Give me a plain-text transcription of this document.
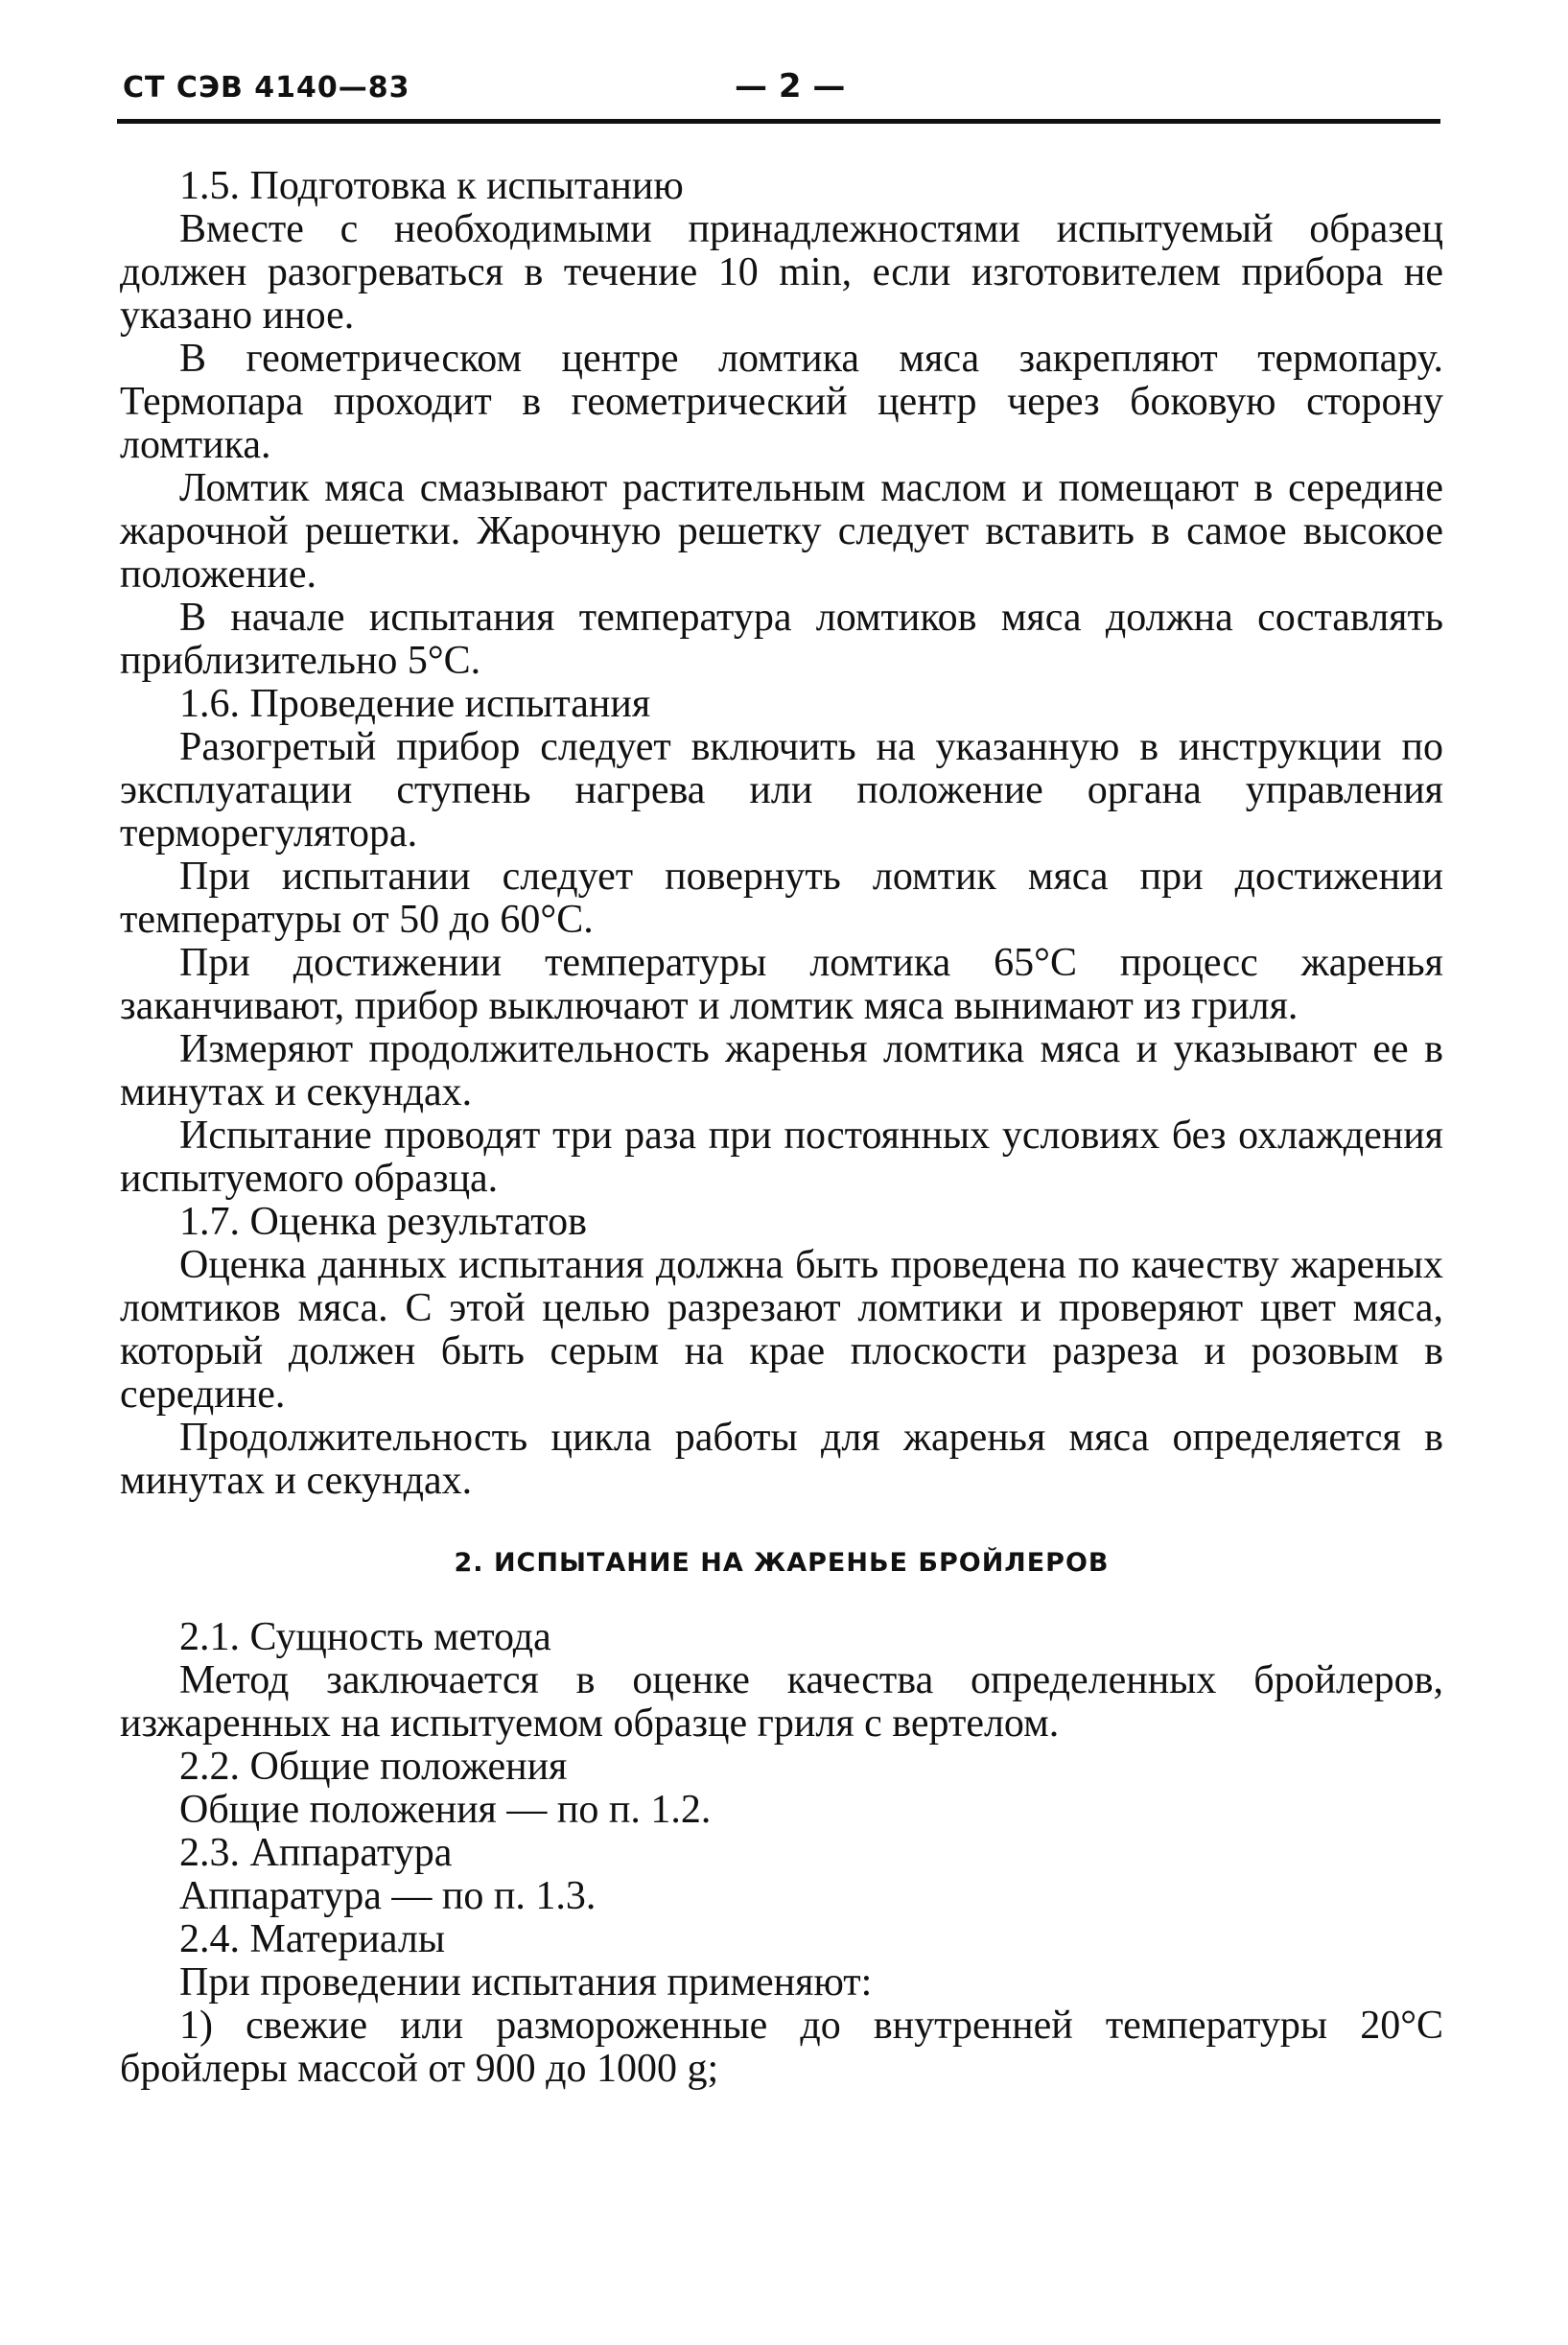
СТ СЭВ 4140—83	— 2 —

1.5. Подготовка к испытанию

Вместе с необходимыми принадлежностями испытуемый образец должен разогреваться в течение 10 min, если изготовителем прибора не указано иное.

В геометрическом центре ломтика мяса закрепляют термопару. Термопара проходит в геометрический центр через боковую сторону ломтика.

Ломтик мяса смазывают растительным маслом и помещают в середине жарочной решетки. Жарочную решетку следует вставить в самое высокое положение.

В начале испытания температура ломтиков мяса должна составлять приблизительно 5°C.

1.6. Проведение испытания

Разогретый прибор следует включить на указанную в инструкции по эксплуатации ступень нагрева или положение органа управления терморегулятора.

При испытании следует повернуть ломтик мяса при достижении температуры от 50 до 60°C.

При достижении температуры ломтика 65°C процесс жаренья заканчивают, прибор выключают и ломтик мяса вынимают из гриля.

Измеряют продолжительность жаренья ломтика мяса и указывают ее в минутах и секундах.

Испытание проводят три раза при постоянных условиях без охлаждения испытуемого образца.

1.7. Оценка результатов

Оценка данных испытания должна быть проведена по качеству жареных ломтиков мяса. С этой целью разрезают ломтики и проверяют цвет мяса, который должен быть серым на крае плоскости разреза и розовым в середине.

Продолжительность цикла работы для жаренья мяса определяется в минутах и секундах.

2. ИСПЫТАНИЕ НА ЖАРЕНЬЕ БРОЙЛЕРОВ

2.1. Сущность метода

Метод заключается в оценке качества определенных бройлеров, изжаренных на испытуемом образце гриля с вертелом.

2.2. Общие положения

Общие положения — по п. 1.2.

2.3. Аппаратура

Аппаратура — по п. 1.3.

2.4. Материалы

При проведении испытания применяют:

1) свежие или размороженные до внутренней температуры 20°C бройлеры массой от 900 до 1000 g;
